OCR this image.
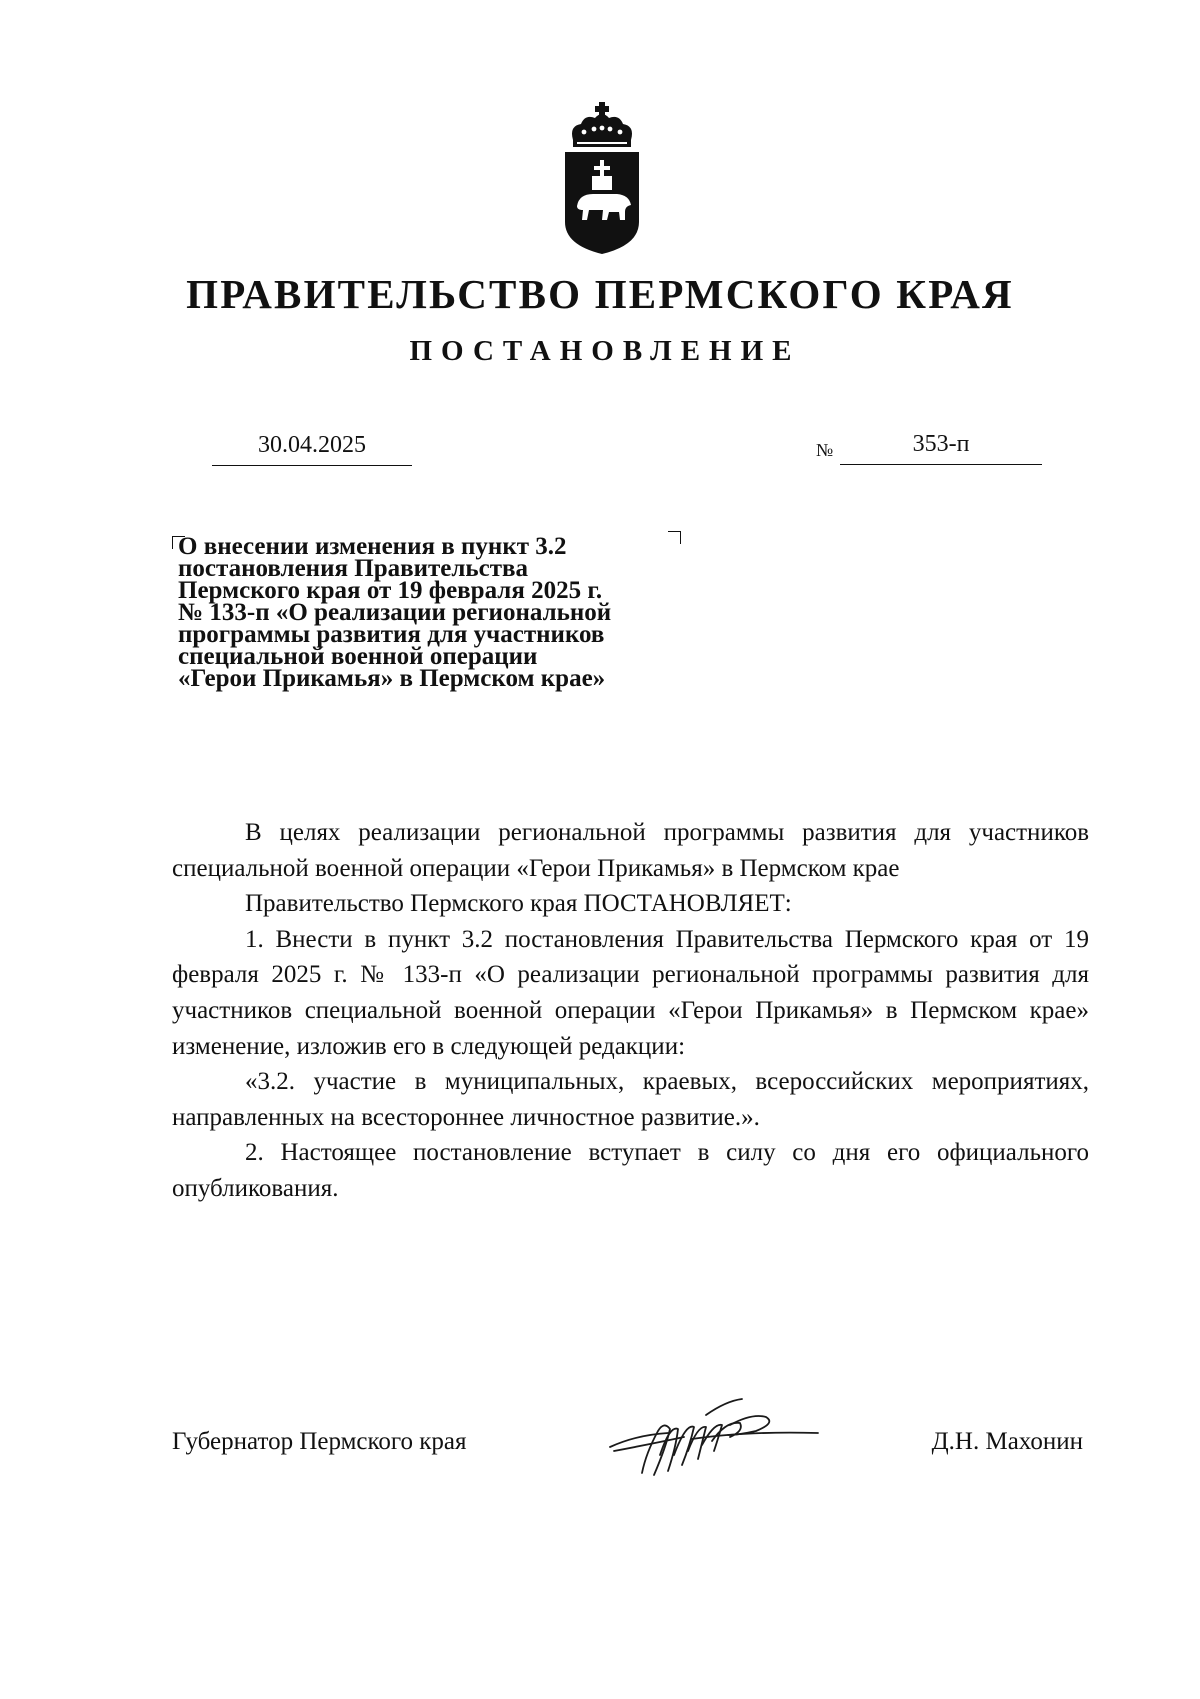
ПРАВИТЕЛЬСТВО ПЕРМСКОГО КРАЯ
ПОСТАНОВЛЕНИЕ
30.04.2025	№	353-п
О внесении изменения в пункт 3.2
постановления Правительства
Пермского края от 19 февраля 2025 г.
№ 133-п «О реализации региональной
программы развития для участников
специальной военной операции
«Герои Прикамья» в Пермском крае»

В целях реализации региональной программы развития для участников специальной военной операции «Герои Прикамья» в Пермском крае

Правительство Пермского края ПОСТАНОВЛЯЕТ:

1. Внести в пункт 3.2 постановления Правительства Пермского края от 19 февраля 2025 г. № 133-п «О реализации региональной программы развития для участников специальной военной операции «Герои Прикамья» в Пермском крае» изменение, изложив его в следующей редакции:

«3.2. участие в муниципальных, краевых, всероссийских мероприятиях, направленных на всестороннее личностное развитие.».

2. Настоящее постановление вступает в силу со дня его официального опубликования.

Губернатор Пермского края	Д.Н. Махонин
